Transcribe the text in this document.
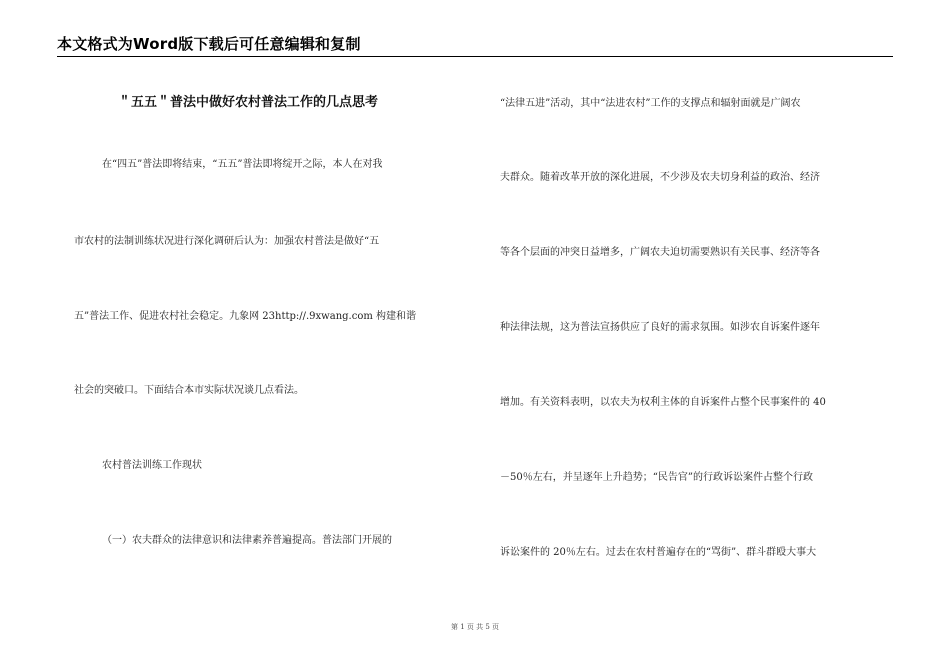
本文格式为Word版下载后可任意编辑和复制
＂五五＂普法中做好农村普法工作的几点思考
在“四五”普法即将结束，“五五”普法即将绽开之际，本人在对我
市农村的法制训练状况进行深化调研后认为：加强农村普法是做好“五
五”普法工作、促进农村社会稳定。九象网 23http://.9xwang.com 构建和谐
社会的突破口。下面结合本市实际状况谈几点看法。
农村普法训练工作现状
（一）农夫群众的法律意识和法律素养普遍提高。普法部门开展的
“法律五进”活动，其中“法进农村”工作的支撑点和辐射面就是广阔农
夫群众。随着改革开放的深化进展，不少涉及农夫切身利益的政治、经济
等各个层面的冲突日益增多，广阔农夫迫切需要熟识有关民事、经济等各
种法律法规，这为普法宣扬供应了良好的需求氛围。如涉农自诉案件逐年
增加。有关资料表明，以农夫为权利主体的自诉案件占整个民事案件的 40
－50％左右，并呈逐年上升趋势；“民告官”的行政诉讼案件占整个行政
诉讼案件的 20％左右。过去在农村普遍存在的“骂街”、群斗群殴大事大
第 1 页 共 5 页
